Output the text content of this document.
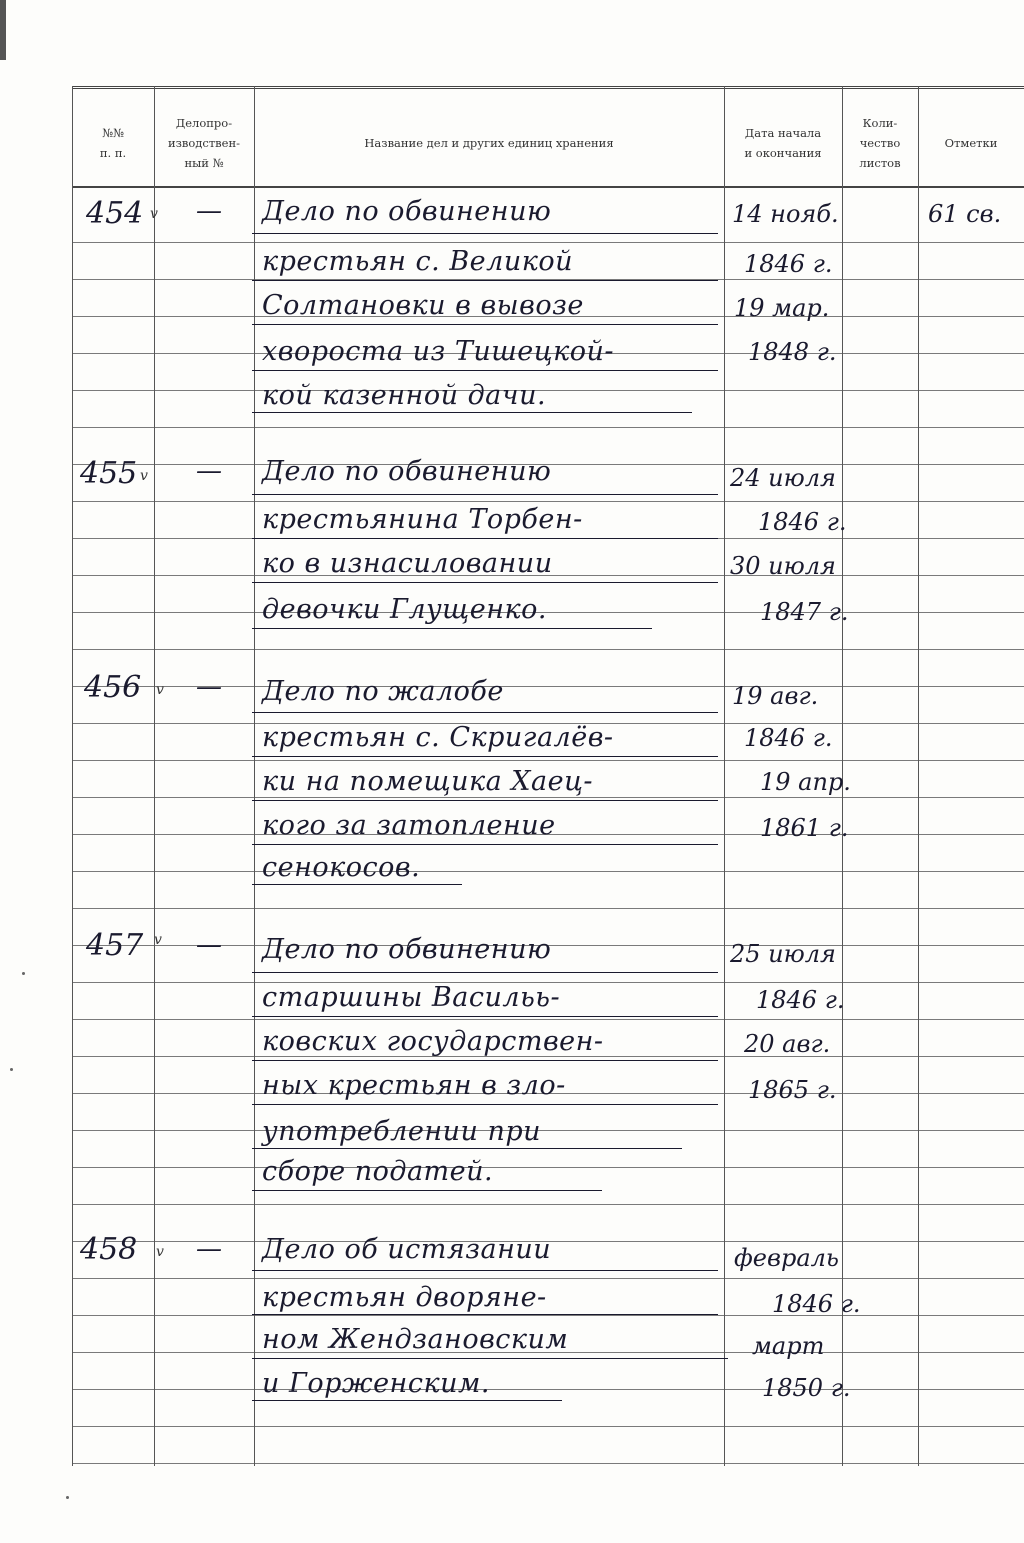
№№
п. п.
Делопро-
изводствен-
ный №
Название дел и других единиц хранения
Дата начала
и окончания
Коли-
чество
листов
Отметки
454 v — Дело по обвинению
крестьян с. Великой
Солтановки в вывозе
хвороста из Тишецкой-
кой казенной дачи.
14 нояб.
1846 г.
19 мар.
1848 г.
61 св.
455 v — Дело по обвинению
крестьянина Торбен-
ко в изнасиловании
девочки Глущенко.
24 июля
1846 г.
30 июля
1847 г.
456 v — Дело по жалобе
крестьян с. Скригалёв-
ки на помещика Хаец-
кого за затопление
сенокосов.
19 авг.
1846 г.
19 апр.
1861 г.
457 v — Дело по обвинению
старшины Васильь-
ковских государствен-
ных крестьян в зло-
употреблении при
сборе податей.
25 июля
1846 г.
20 авг.
1865 г.
458 v — Дело об истязании
крестьян дворяне-
ном Жендзановским
и Горженским.
февраль
1846 г.
март
1850 г.
